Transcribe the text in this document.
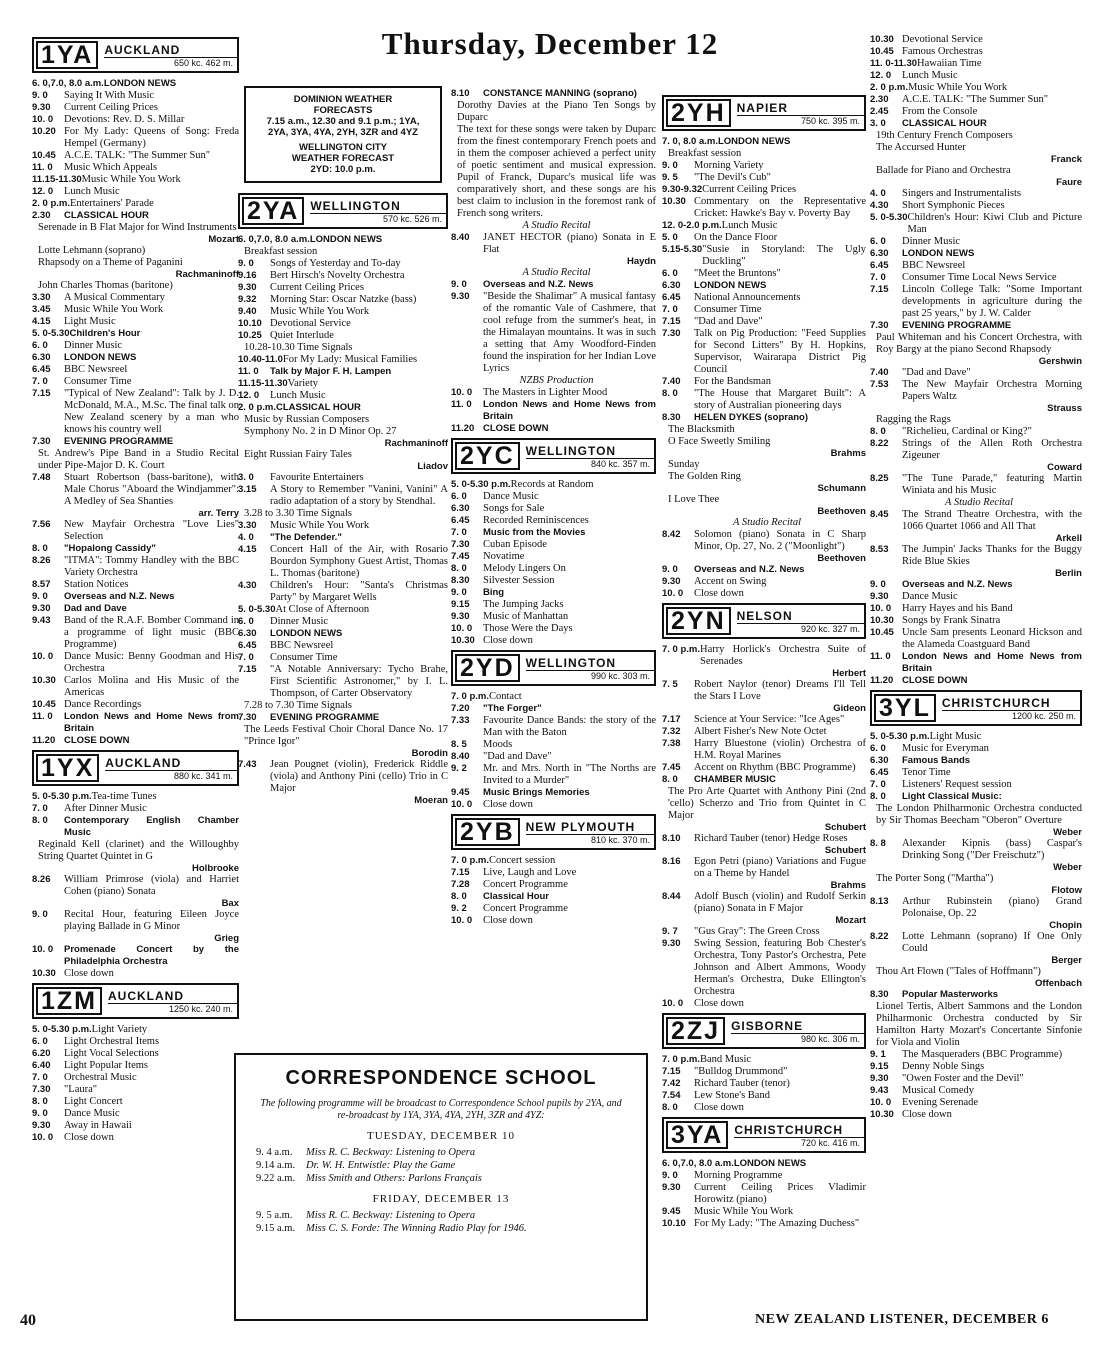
Thursday, December 12
1YA AUCKLAND
650 kc. 462 m.
6. 0,7.0, 8.0 a.m. LONDON NEWS
9. 0	Saying It With Music
9.30	Current Ceiling Prices
10. 0	Devotions: Rev. D. S. Millar
10.20 For My Lady: Queens of Song: Freda Hempel (Germany)
10.45 A.C.E. TALK: "The Summer Sun"
11. 0	Music Which Appeals
11.15-11.30 Music While You Work
12. 0	Lunch Music
2. 0 p.m. Entertainers' Parade
2.30	CLASSICAL HOUR
Serenade in B Flat Major for Wind Instruments
Mozart
Lotte Lehmann (soprano)
Rhapsody on a Theme of Paganini
Rachmaninoff
John Charles Thomas (baritone)
3.30	A Musical Commentary
3.45	Music While You Work
4.15	Light Music
5. 0-5.30 Children's Hour
6. 0	Dinner Music
6.30	LONDON NEWS
6.45	BBC Newsreel
7. 0	Consumer Time
7.15	"Typical of New Zealand": Talk by J. D. McDonald, M.A., M.Sc. The final talk on New Zealand scenery by a man who knows his country well
7.30	EVENING PROGRAMME
St. Andrew's Pipe Band in a Studio Recital under Pipe-Major D. K. Court
7.48	Stuart Robertson (bass-baritone), with Male Chorus "Aboard the Windjammer": A Medley of Sea Shanties
arr. Terry
7.56	New Mayfair Orchestra "Love Lies" Selection
8. 0	"Hopalong Cassidy"
8.26	"ITMA": Tommy Handley with the BBC Variety Orchestra
8.57	Station Notices
9. 0	Overseas and N.Z. News
9.30	Dad and Dave
9.43	Band of the R.A.F. Bomber Command in a programme of light music (BBC Programme)
10. 0	Dance Music: Benny Goodman and His Orchestra
10.30 Carlos Molina and His Music of the Americas
10.45 Dance Recordings
11. 0	London News and Home News from Britain
11.20 CLOSE DOWN
1YX AUCKLAND
880 kc. 341 m.
5. 0-5.30 p.m. Tea-time Tunes
7. 0	After Dinner Music
8. 0	Contemporary English Chamber Music
Reginald Kell (clarinet) and the Willoughby String Quartet Quintet in G
Holbrooke
8.26	William Primrose (viola) and Harriet Cohen (piano) Sonata
Bax
9. 0	Recital Hour, featuring Eileen Joyce playing Ballade in G Minor
Grieg
10. 0	Promenade Concert by the Philadelphia Orchestra
10.30 Close down
1ZM AUCKLAND
1250 kc. 240 m.
5. 0-5.30 p.m. Light Variety
6. 0	Light Orchestral Items
6.20	Light Vocal Selections
6.40	Light Popular Items
7. 0	Orchestral Music
7.30	"Laura"
8. 0	Light Concert
9. 0	Dance Music
9.30	Away in Hawaii
10. 0	Close down
DOMINION WEATHER
FORECASTS
7.15 a.m., 12.30 and 9.1 p.m.; 1YA, 2YA, 3YA, 4YA, 2YH, 3ZR and 4YZ
WELLINGTON CITY
WEATHER FORECAST
2YD: 10.0 p.m.
2YA WELLINGTON
570 kc. 526 m.
6. 0,7.0, 8.0 a.m. LONDON NEWS
Breakfast session
9. 0	Songs of Yesterday and To-day
9.16	Bert Hirsch's Novelty Orchestra
9.30	Current Ceiling Prices
9.32	Morning Star: Oscar Natzke (bass)
9.40	Music While You Work
10.10 Devotional Service
10.25 Quiet Interlude
10.28-10.30 Time Signals
10.40-11.0 For My Lady: Musical Families
11. 0	Talk by Major F. H. Lampen
11.15-11.30 Variety
12. 0	Lunch Music
2. 0 p.m. CLASSICAL HOUR
Music by Russian Composers
Symphony No. 2 in D Minor Op. 27
Rachmaninoff
Eight Russian Fairy Tales
Liadov
3. 0	Favourite Entertainers
3.15	A Story to Remember "Vanini, Vanini" A radio adaptation of a story by Stendhal.
3.28 to 3.30 Time Signals
3.30	Music While You Work
4. 0	"The Defender."
4.15	Concert Hall of the Air, with Rosario Bourdon Symphony Guest Artist, Thomas L. Thomas (baritone)
4.30	Children's Hour: "Santa's Christmas Party" by Margaret Wells
5. 0-5.30 At Close of Afternoon
6. 0	Dinner Music
6.30	LONDON NEWS
6.45	BBC Newsreel
7. 0	Consumer Time
7.15	"A Notable Anniversary: Tycho Brahe, First Scientific Astronomer," by I. L. Thompson, of Carter Observatory
7.28 to 7.30 Time Signals
7.30	EVENING PROGRAMME
The Leeds Festival Choir Choral Dance No. 17 "Prince Igor"
Borodin
7.43	Jean Pougnet (violin), Frederick Riddle (viola) and Anthony Pini (cello) Trio in C Major
Moeran
8.10	CONSTANCE MANNING (soprano)
Dorothy Davies at the Piano Ten Songs by Duparc
The text for these songs were taken by Duparc from the finest contemporary French poets and in them the composer achieved a perfect unity of poetic sentiment and musical expression. Pupil of Franck, Duparc's musical life was comparatively short, and these songs are his best claim to inclusion in the foremost rank of French song writers.
A Studio Recital
8.40	JANET HECTOR (piano) Sonata in E Flat
Haydn
A Studio Recital
9. 0	Overseas and N.Z. News
9.30	"Beside the Shalimar" A musical fantasy of the romantic Vale of Cashmere, that cool refuge from the summer's heat, in the Himalayan mountains. It was in such a setting that Amy Woodford-Finden found the inspiration for her Indian Love Lyrics
NZBS Production
10. 0	The Masters in Lighter Mood
11. 0	London News and Home News from Britain
11.20 CLOSE DOWN
2YC WELLINGTON
840 kc. 357 m.
5. 0-5.30 p.m. Records at Random
6. 0	Dance Music
6.30	Songs for Sale
6.45	Recorded Reminiscences
7. 0	Music from the Movies
7.30	Cuban Episode
7.45	Novatime
8. 0	Melody Lingers On
8.30	Silvester Session
9. 0	Bing
9.15	The Jumping Jacks
9.30	Music of Manhattan
10. 0	Those Were the Days
10.30 Close down
2YD WELLINGTON
990 kc. 303 m.
7. 0 p.m. Contact
7.20	"The Forger"
7.33	Favourite Dance Bands: the story of the Man with the Baton
8. 5	Moods
8.40	"Dad and Dave"
9. 2	Mr. and Mrs. North in "The Norths are Invited to a Murder"
9.45	Music Brings Memories
10. 0	Close down
2YB NEW PLYMOUTH
810 kc. 370 m.
7. 0 p.m. Concert session
7.15	Live, Laugh and Love
7.28	Concert Programme
8. 0	Classical Hour
9. 2	Concert Programme
10. 0	Close down
2YH NAPIER
750 kc. 395 m.
7. 0, 8.0 a.m. LONDON NEWS
Breakfast session
9. 0	Morning Variety
9. 5	"The Devil's Cub"
9.30-9.32 Current Ceiling Prices
10.30 Commentary on the Representative Cricket: Hawke's Bay v. Poverty Bay
12. 0-2.0 p.m. Lunch Music
5. 0	On the Dance Floor
5.15-5.30 "Susie in Storyland: The Ugly Duckling"
6. 0	"Meet the Bruntons"
6.30	LONDON NEWS
6.45	National Announcements
7. 0	Consumer Time
7.15	"Dad and Dave"
7.30	Talk on Pig Production: "Feed Supplies for Second Litters" By H. Hopkins, Supervisor, Wairarapa District Pig Council
7.40	For the Bandsman
8. 0	"The House that Margaret Built": A story of Australian pioneering days
8.30	HELEN DYKES (soprano)
The Blacksmith
O Face Sweetly Smiling
Brahms
Sunday
The Golden Ring
Schumann
I Love Thee
Beethoven
A Studio Recital
8.42	Solomon (piano) Sonata in C Sharp Minor, Op. 27, No. 2 ("Moonlight")
Beethoven
9. 0	Overseas and N.Z. News
9.30	Accent on Swing
10. 0	Close down
2YN NELSON
920 kc. 327 m.
7. 0 p.m. Harry Horlick's Orchestra Suite of Serenades
Herbert
7. 5	Robert Naylor (tenor) Dreams I'll Tell the Stars I Love
Gideon
7.17	Science at Your Service: "Ice Ages"
7.32	Albert Fisher's New Note Octet
7.38	Harry Bluestone (violin) Orchestra of H.M. Royal Marines
7.45	Accent on Rhythm (BBC Programme)
8. 0	CHAMBER MUSIC
The Pro Arte Quartet with Anthony Pini (2nd 'cello) Scherzo and Trio from Quintet in C Major
Schubert
8.10	Richard Tauber (tenor) Hedge Roses
Schubert
8.16	Egon Petri (piano) Variations and Fugue on a Theme by Handel
Brahms
8.44	Adolf Busch (violin) and Rudolf Serkin (piano) Sonata in F Major
Mozart
9. 7	"Gus Gray": The Green Cross
9.30	Swing Session, featuring Bob Chester's Orchestra, Tony Pastor's Orchestra, Pete Johnson and Albert Ammons, Woody Herman's Orchestra, Duke Ellington's Orchestra
10. 0	Close down
2ZJ GISBORNE
980 kc. 306 m.
7. 0 p.m. Band Music
7.15	"Bulldog Drummond"
7.42	Richard Tauber (tenor)
7.54	Lew Stone's Band
8. 0	Close down
3YA CHRISTCHURCH
720 kc. 416 m.
6. 0,7.0, 8.0 a.m. LONDON NEWS
9. 0	Morning Programme
9.30	Current Ceiling Prices Vladimir Horowitz (piano)
9.45	Music While You Work
10.10 For My Lady: "The Amazing Duchess"
10.30 Devotional Service
10.45 Famous Orchestras
11. 0-11.30 Hawaiian Time
12. 0	Lunch Music
2. 0 p.m. Music While You Work
2.30	A.C.E. TALK: "The Summer Sun"
2.45	From the Console
3. 0	CLASSICAL HOUR
19th Century French Composers
The Accursed Hunter
Franck
Ballade for Piano and Orchestra
Faure
4. 0	Singers and Instrumentalists
4.30	Short Symphonic Pieces
5. 0-5.30 Children's Hour: Kiwi Club and Picture Man
6. 0	Dinner Music
6.30	LONDON NEWS
6.45	BBC Newsreel
7. 0	Consumer Time Local News Service
7.15	Lincoln College Talk: "Some Important developments in agriculture during the past 25 years," by J. W. Calder
7.30	EVENING PROGRAMME
Paul Whiteman and his Concert Orchestra, with Roy Bargy at the piano Second Rhapsody
Gershwin
7.40	"Dad and Dave"
7.53	The New Mayfair Orchestra Morning Papers Waltz
Strauss
Ragging the Rags
8. 0	"Richelieu, Cardinal or King?"
8.22	Strings of the Allen Roth Orchestra Zigeuner
Coward
8.25	"The Tune Parade," featuring Martin Winiata and his Music
A Studio Recital
8.45	The Strand Theatre Orchestra, with the 1066 Quartet 1066 and All That
Arkell
8.53	The Jumpin' Jacks Thanks for the Buggy Ride Blue Skies
Berlin
9. 0	Overseas and N.Z. News
9.30	Dance Music
10. 0	Harry Hayes and his Band
10.30 Songs by Frank Sinatra
10.45 Uncle Sam presents Leonard Hickson and the Alameda Coastguard Band
11. 0	London News and Home News from Britain
11.20 CLOSE DOWN
3YL CHRISTCHURCH
1200 kc. 250 m.
5. 0-5.30 p.m. Light Music
6. 0	Music for Everyman
6.30	Famous Bands
6.45	Tenor Time
7. 0	Listeners' Request session
8. 0	Light Classical Music:
The London Philharmonic Orchestra conducted by Sir Thomas Beecham "Oberon" Overture
Weber
8. 8	Alexander Kipnis (bass) Caspar's Drinking Song ("Der Freischutz")
Weber
The Porter Song ("Martha")
Flotow
8.13	Arthur Rubinstein (piano) Grand Polonaise, Op. 22
Chopin
8.22	Lotte Lehmann (soprano) If One Only Could
Berger
Thou Art Flown ("Tales of Hoffmann")
Offenbach
8.30	Popular Masterworks
Lionel Tertis, Albert Sammons and the London Philharmonic Orchestra conducted by Sir Hamilton Harty Mozart's Concertante Sinfonie for Viola and Violin
9. 1	The Masqueraders (BBC Programme)
9.15	Denny Noble Sings
9.30	"Owen Foster and the Devil"
9.43	Musical Comedy
10. 0	Evening Serenade
10.30 Close down
CORRESPONDENCE SCHOOL
The following programme will be broadcast to Correspondence School pupils by 2YA, and re-broadcast by 1YA, 3YA, 4YA, 2YH, 3ZR and 4YZ:
TUESDAY, DECEMBER 10
9. 4 a.m.	Miss R. C. Beckway: Listening to Opera
9.14 a.m.	Dr. W. H. Entwistle: Play the Game
9.22 a.m.	Miss Smith and Others: Parlons Français
FRIDAY, DECEMBER 13
9. 5 a.m.	Miss R. C. Beckway: Listening to Opera
9.15 a.m.	Miss C. S. Forde: The Winning Radio Play for 1946.
40	NEW ZEALAND LISTENER, DECEMBER 6
